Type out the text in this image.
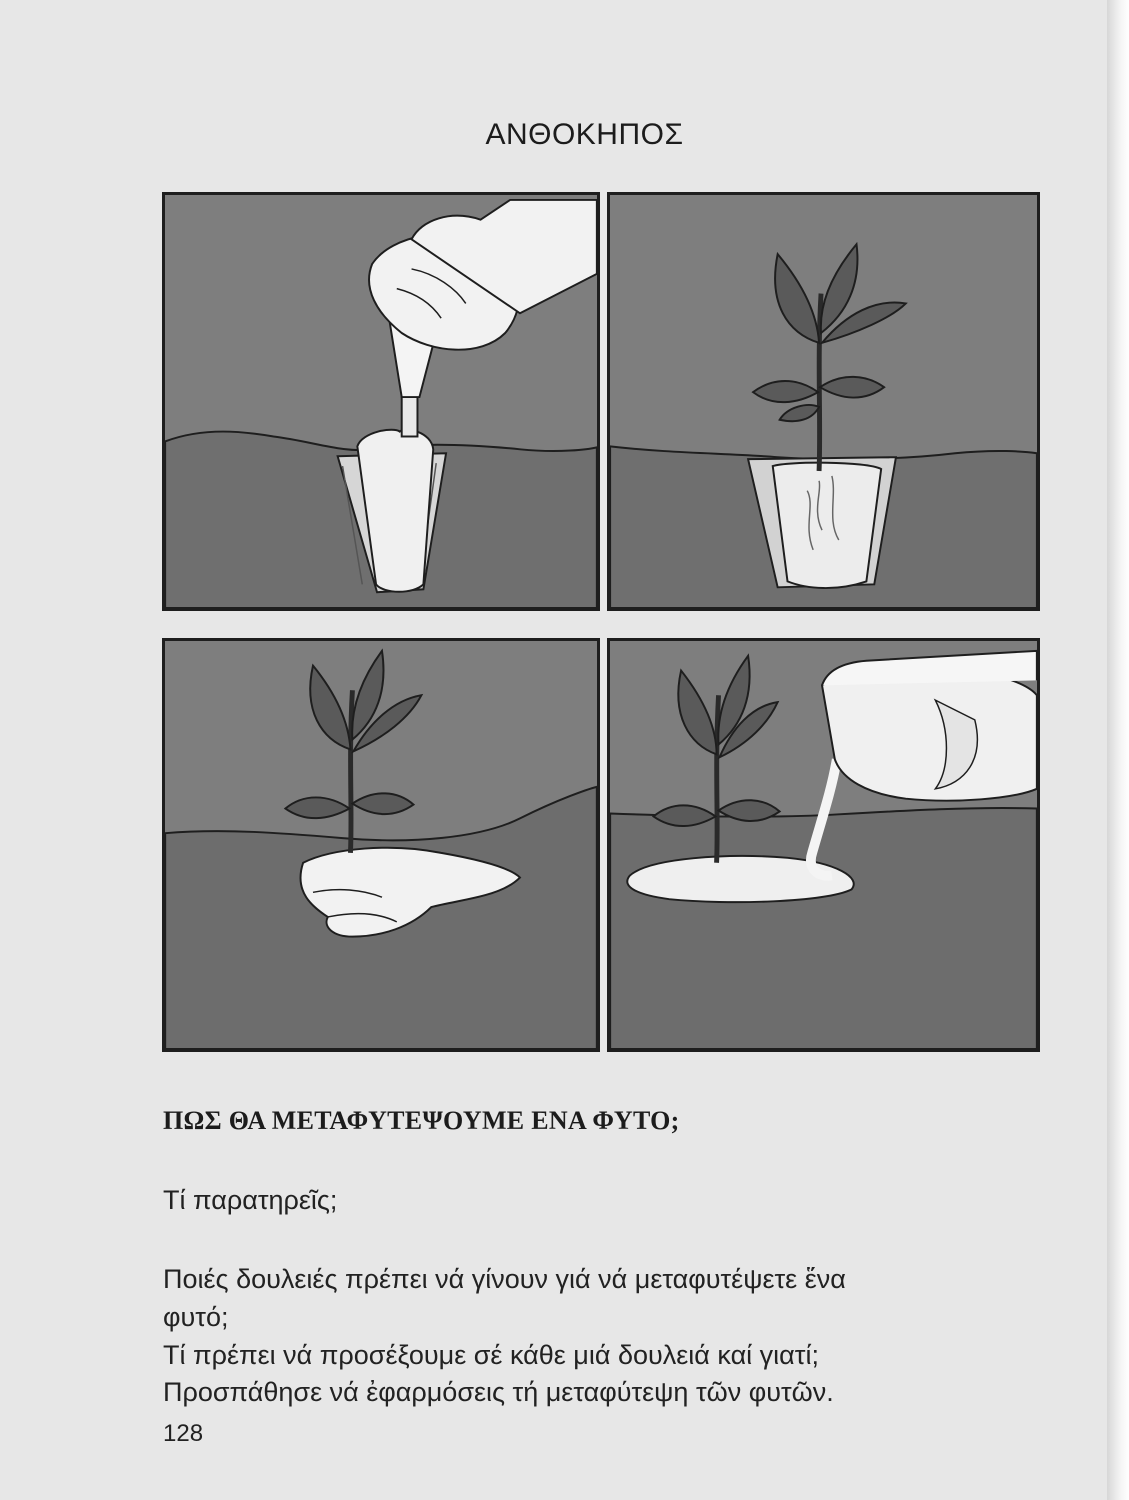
ΑΝΘΟΚΗΠΟΣ
ΠΩΣ ΘΑ ΜΕΤΑΦΥΤΕΨΟΥΜΕ ΕΝΑ ΦΥΤΟ;
Τί παρατηρεῖς;
Ποιές δουλειές πρέπει νά γίνουν γιά νά μεταφυτέψετε ἕνα
φυτό;
Τί πρέπει νά προσέξουμε σέ κάθε μιά δουλειά καί γιατί;
Προσπάθησε νά ἐφαρμόσεις τή μεταφύτεψη τῶν φυτῶν.
128
